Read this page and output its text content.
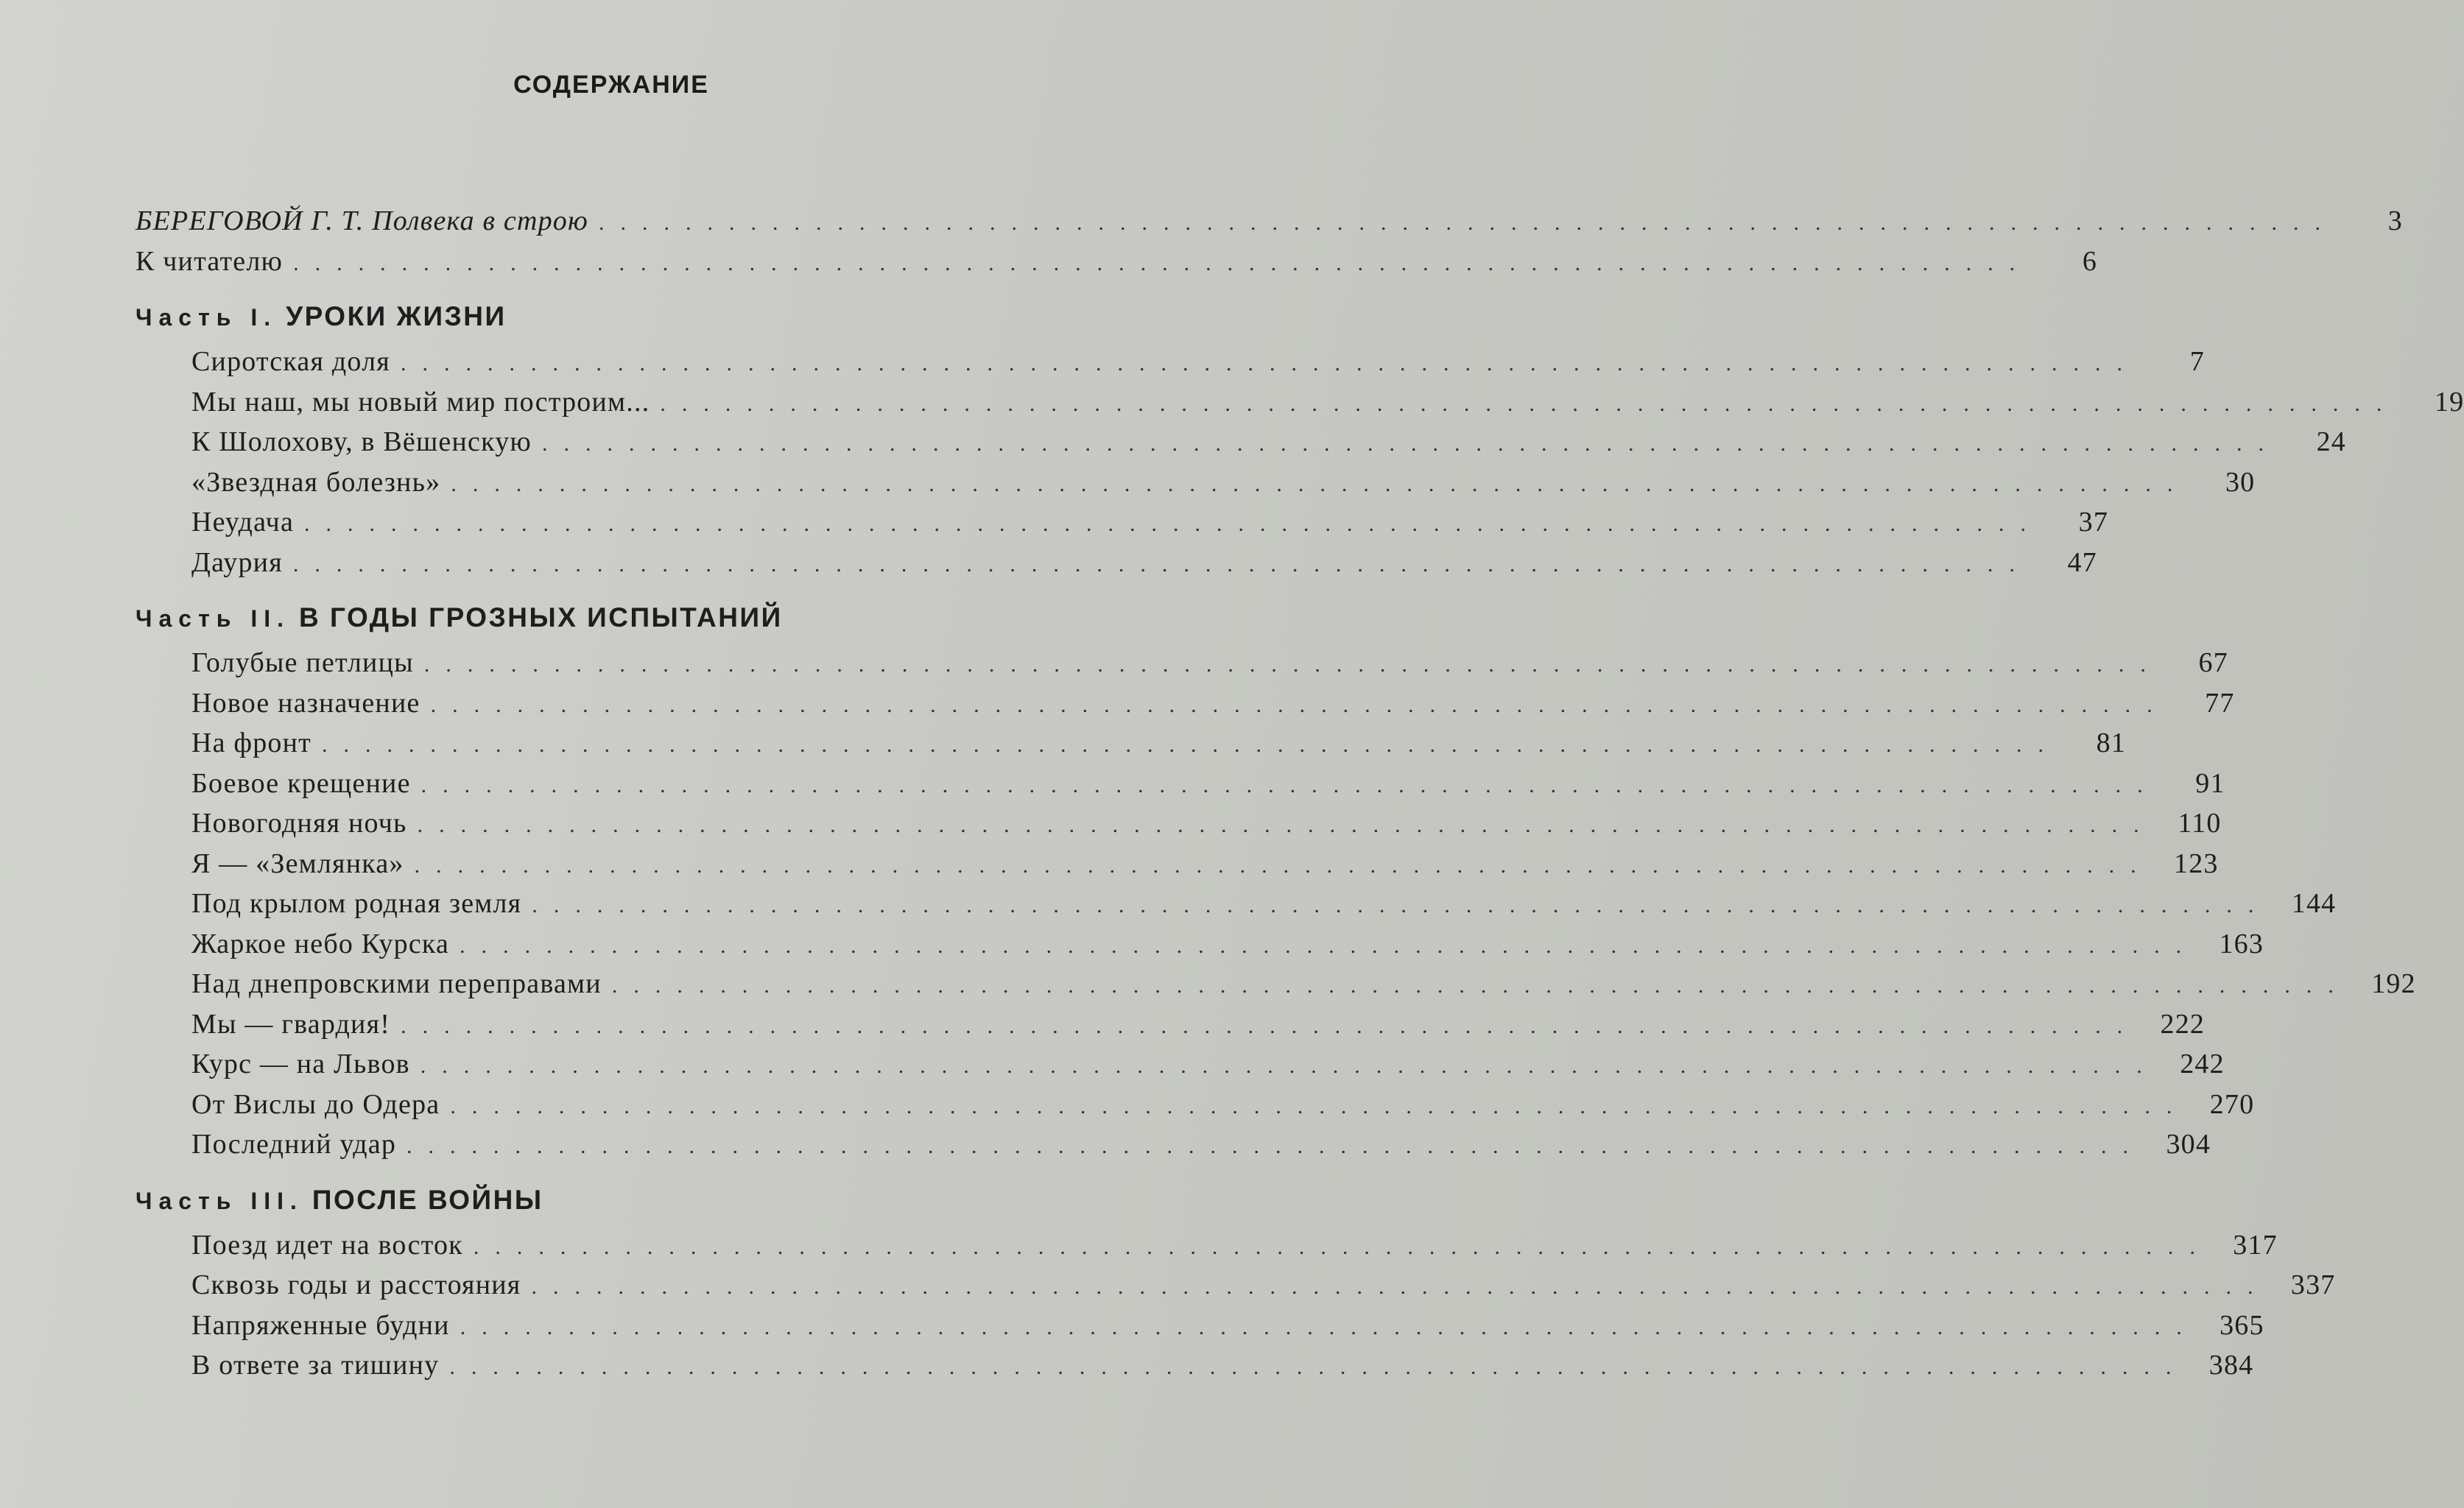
СОДЕРЖАНИЕ
БЕРЕГОВОЙ Г. Т. Полвека в строю ................................................................................	3
К читателю ................................................................................	6
Часть I. УРОКИ ЖИЗНИ
Сиротская доля ................................................................................	7
Мы наш, мы новый мир построим... ................................................................................	19
К Шолохову, в Вёшенскую ................................................................................	24
«Звездная болезнь» ................................................................................	30
Неудача ................................................................................	37
Даурия ................................................................................	47
Часть II. В ГОДЫ ГРОЗНЫХ ИСПЫТАНИЙ
Голубые петлицы ................................................................................	67
Новое назначение ................................................................................	77
На фронт ................................................................................	81
Боевое крещение ................................................................................	91
Новогодняя ночь ................................................................................ 110
Я — «Землянка» ................................................................................ 123
Под крылом родная земля ................................................................................ 144
Жаркое небо Курска ................................................................................ 163
Над днепровскими переправами ................................................................................ 192
Мы — гвардия! ................................................................................ 222
Курс — на Львов ................................................................................ 242
От Вислы до Одера ................................................................................ 270
Последний удар ................................................................................ 304
Часть III. ПОСЛЕ ВОЙНЫ
Поезд идет на восток ................................................................................ 317
Сквозь годы и расстояния ................................................................................ 337
Напряженные будни ................................................................................ 365
В ответе за тишину ................................................................................ 384
